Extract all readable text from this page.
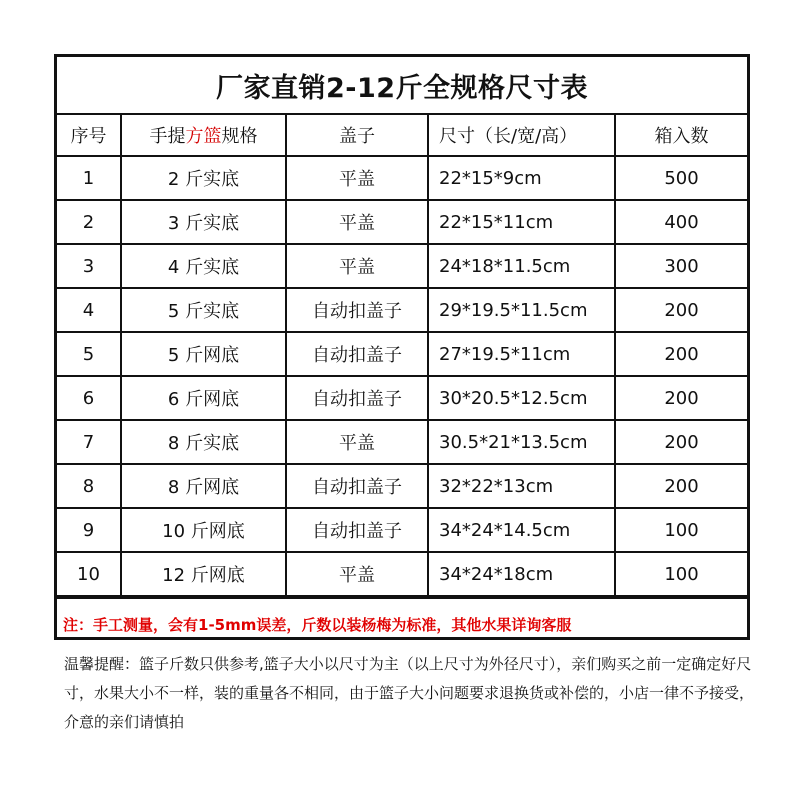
厂家直销2-12斤全规格尺寸表
序号	手提方篮规格	盖子	尺寸（长/宽/高）	箱入数
1	2 斤实底	平盖	22*15*9cm	500
2	3 斤实底	平盖	22*15*11cm	400
3	4 斤实底	平盖	24*18*11.5cm	300
4	5 斤实底	自动扣盖子	29*19.5*11.5cm	200
5	5 斤网底	自动扣盖子	27*19.5*11cm	200
6	6 斤网底	自动扣盖子	30*20.5*12.5cm	200
7	8 斤实底	平盖	30.5*21*13.5cm	200
8	8 斤网底	自动扣盖子	32*22*13cm	200
9	10 斤网底	自动扣盖子	34*24*14.5cm	100
10	12 斤网底	平盖	34*24*18cm	100
注：手工测量，会有1-5mm误差，斤数以装杨梅为标准，其他水果详询客服
温馨提醒：篮子斤数只供参考,篮子大小以尺寸为主（以上尺寸为外径尺寸），亲们购买之前一定确定好尺寸，水果大小不一样，装的重量各不相同，由于篮子大小问题要求退换货或补偿的，小店一律不予接受，介意的亲们请慎拍
